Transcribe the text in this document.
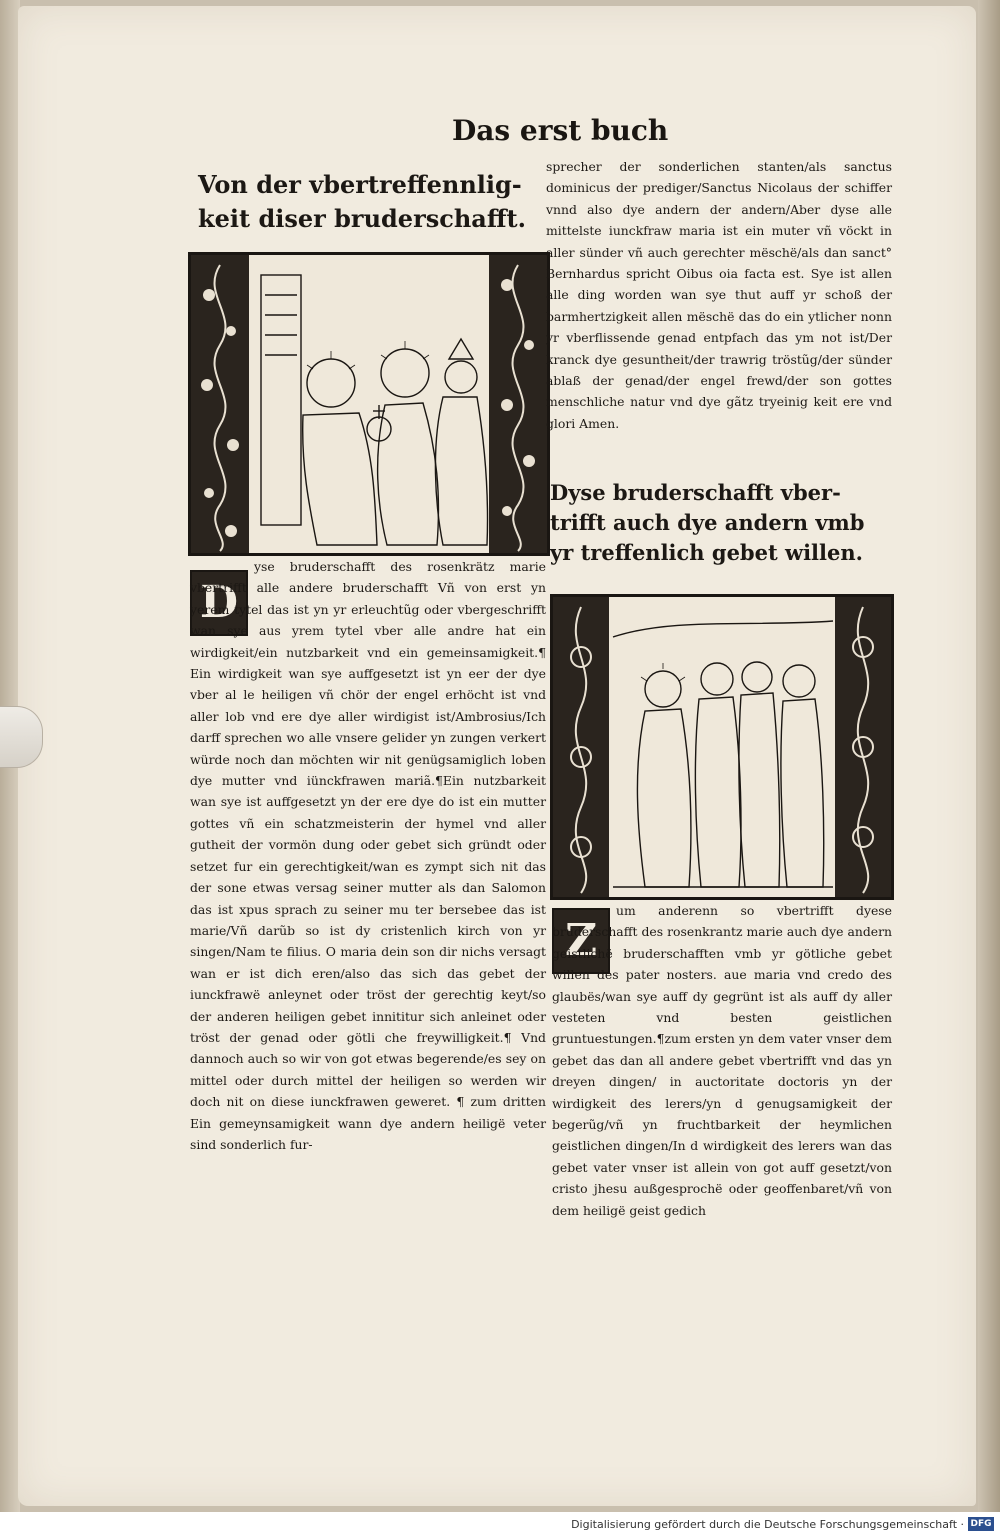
Das erst buch

Von der vbertreffennlig-

keit diser bruderschafft.

D

yse bruderschafft des rosenkrätz marie vbertrifft alle andere bruderschafft Vñ von erst yn yerem tytel das ist yn yr erleuchtũg oder vbergeschrifft wan sye aus yrem tytel vber alle andre hat ein wirdigkeit/ein nutzbarkeit vnd ein gemeinsamigkeit.¶ Ein wirdigkeit wan sye auffgesetzt ist yn eer der dye vber al le heiligen vñ chör der engel erhöcht ist vnd aller lob vnd ere dye aller wirdigist ist/Ambrosius/Ich darff sprechen wo alle vnsere gelider yn zungen verkert würde noch dan möchten wir nit genügsamiglich loben dye mutter vnd iünckfrawen mariã.¶Ein nutzbarkeit wan sye ist auffgesetzt yn der ere dye do ist ein mutter gottes vñ ein schatzmeisterin der hymel vnd aller gutheit der vormön dung oder gebet sich gründt oder setzet fur ein gerechtigkeit/wan es zympt sich nit das der sone etwas versag seiner mutter als dan Salomon das ist xpus sprach zu seiner mu ter bersebee das ist marie/Vñ darũb so ist dy cristenlich kirch von yr singen/Nam te filius. O maria dein son dir nichs versagt wan er ist dich eren/also das sich das gebet der iunckfrawë anleynet oder tröst der gerechtig keyt/so der anderen heiligen gebet innititur sich anleinet oder tröst der genad oder götli che freywilligkeit.¶ Vnd dannoch auch so wir von got etwas begerende/es sey on mittel oder durch mittel der heiligen so werden wir doch nit on diese iunckfrawen geweret. ¶ zum dritten Ein gemeynsamigkeit wann dye andern heiligë veter sind sonderlich fur-

sprecher der sonderlichen stanten/als sanctus dominicus der prediger/Sanctus Nicolaus der schiffer vnnd also dye andern der andern/Aber dyse alle mittelste iunckfraw maria ist ein muter vñ vöckt in aller sünder vñ auch gerechter mëschë/als dan sanct° Bernhardus spricht Oibus oia facta est. Sye ist allen alle ding worden wan sye thut auff yr schoß der barmhertzigkeit allen mëschë das do ein ytlicher nonn yr vberflissende genad entpfach das ym not ist/Der kranck dye gesuntheit/der trawrig tröstũg/der sünder ablaß der genad/der engel frewd/der son gottes menschliche natur vnd dye gãtz tryeinig keit ere vnd glori Amen.

Dyse bruderschafft vber-

trifft auch dye andern vmb

yr treffenlich gebet willen.

Z

um anderenn so vbertrifft dyese bruderschafft des rosenkrantz marie auch dye andern geistlichë bruderschafften vmb yr götliche gebet willen des pater nosters. aue maria vnd credo des glaubës/wan sye auff dy gegrünt ist als auff dy aller vesteten vnd besten geistlichen gruntuestungen.¶zum ersten yn dem vater vnser dem gebet das dan all andere gebet vbertrifft vnd das yn dreyen dingen/ in auctoritate doctoris yn der wirdigkeit des lerers/yn d genugsamigkeit der begerũg/vñ yn fruchtbarkeit der heymlichen geistlichen dingen/In d wirdigkeit des lerers wan das gebet vater vnser ist allein von got auff gesetzt/von cristo jhesu außgesprochë oder geoffenbaret/vñ von dem heiligë geist gedich

Digitalisierung gefördert durch die Deutsche Forschungsgemeinschaft · DFG
